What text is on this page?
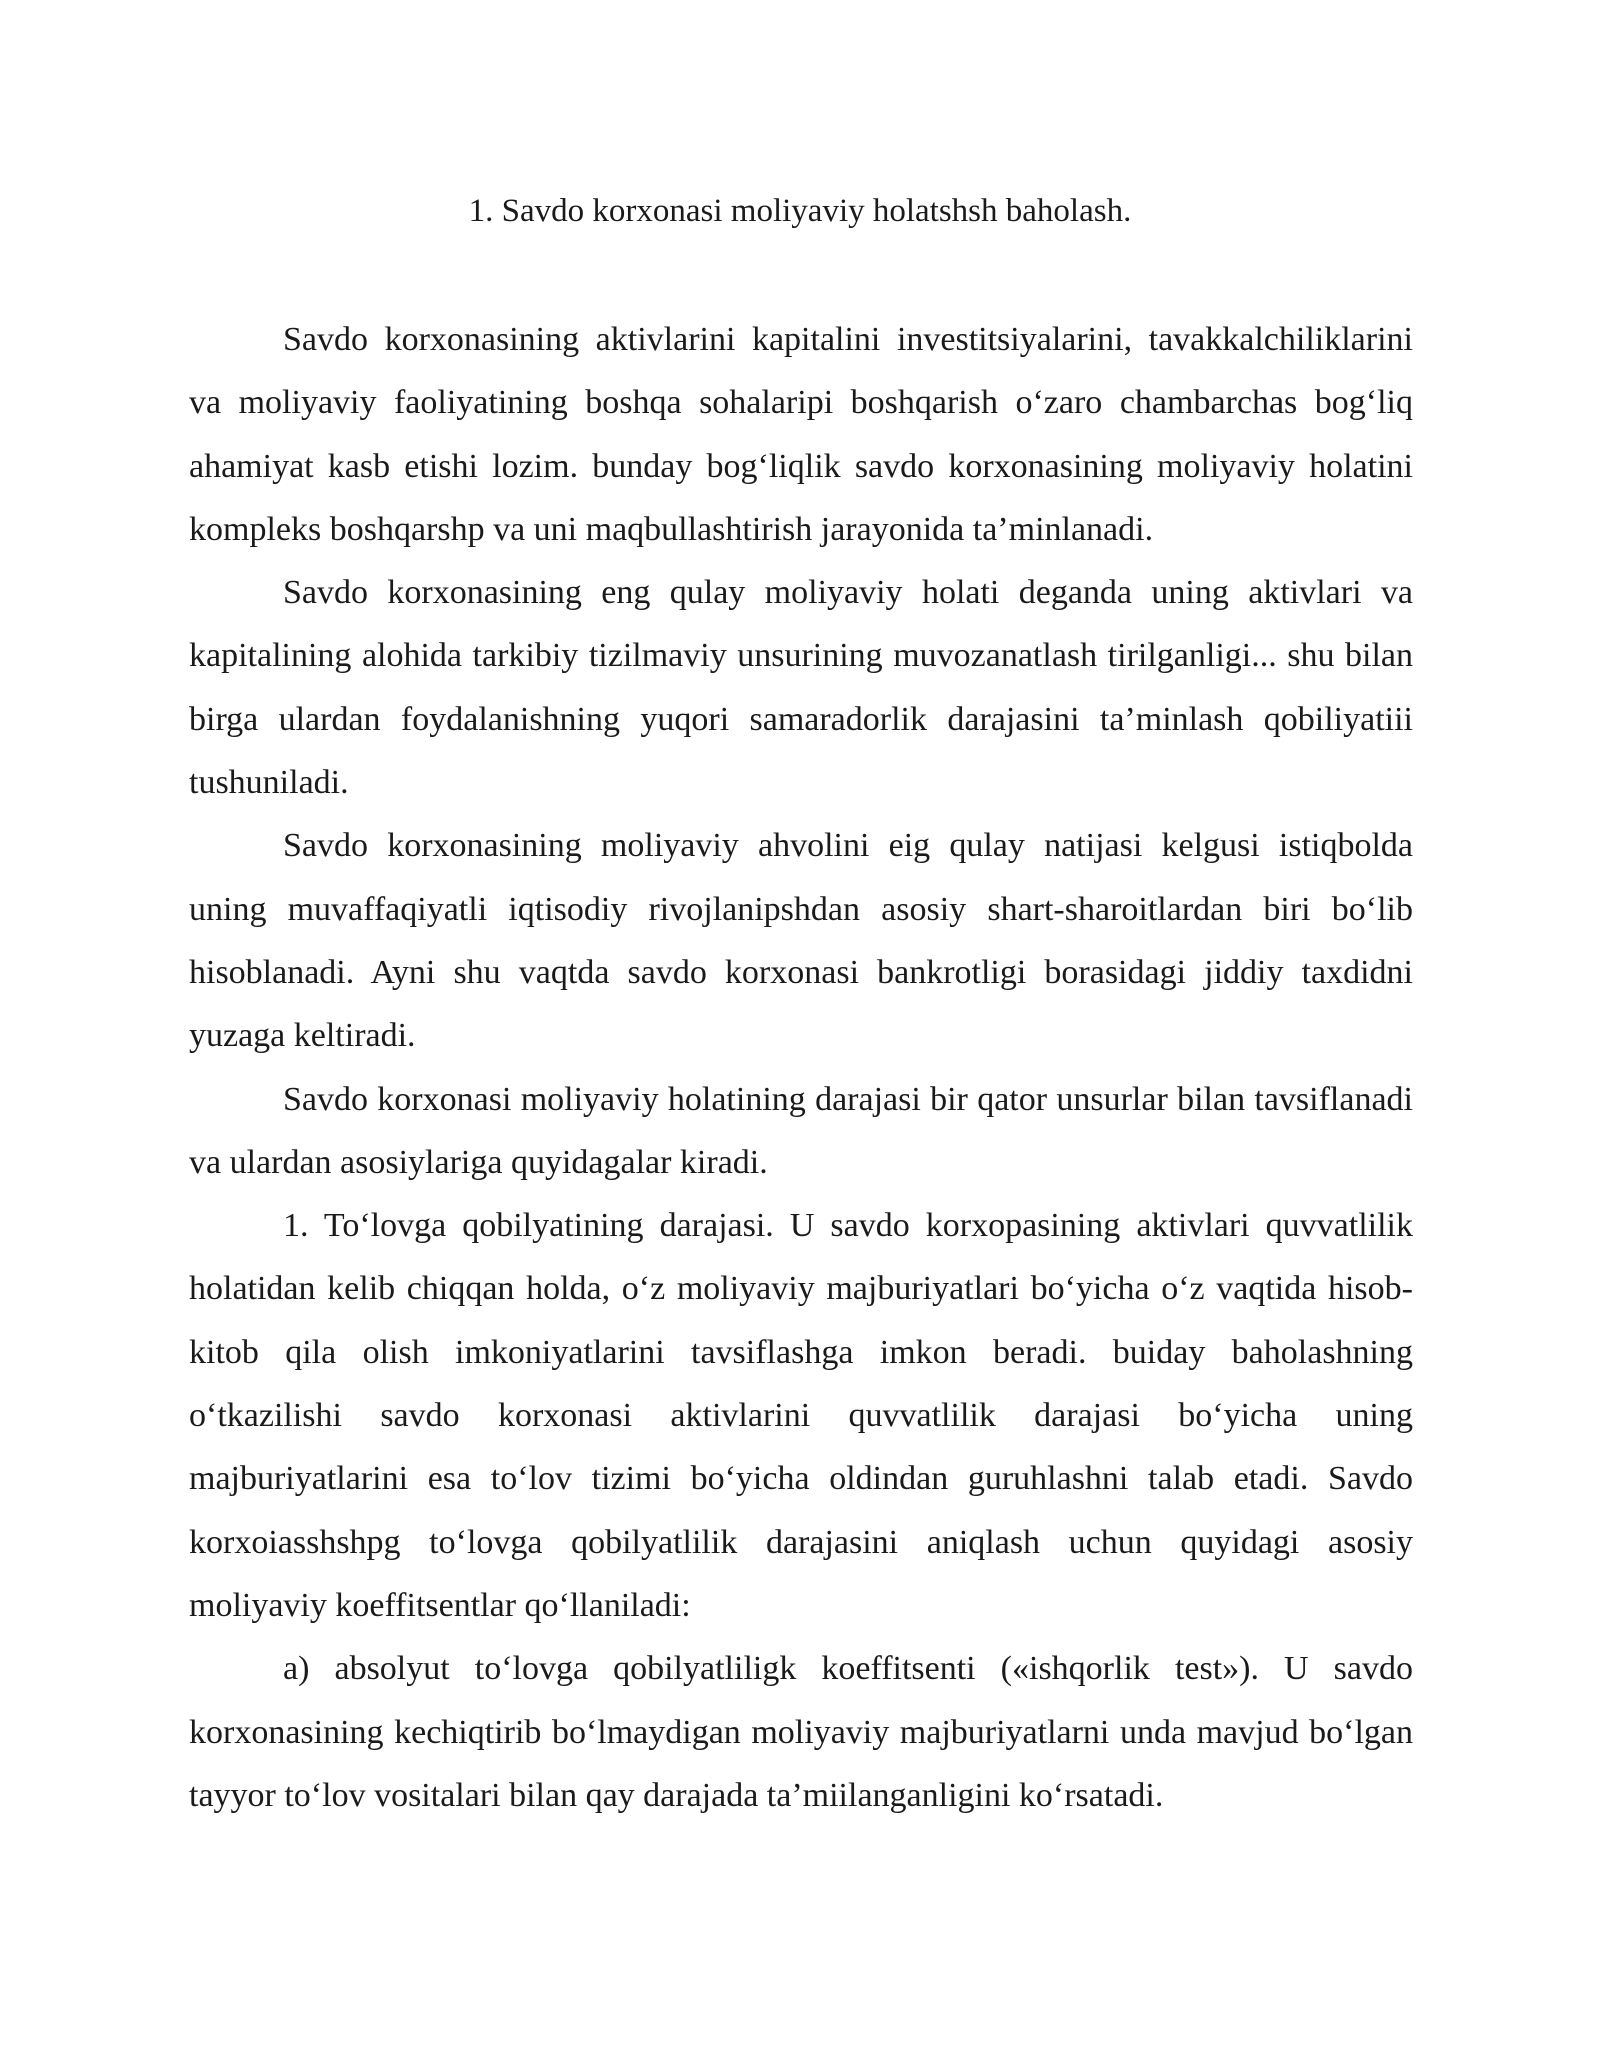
1. Savdo korxonasi moliyaviy holatshsh baholash.

Savdo korxonasining aktivlarini kapitalini investitsiyalarini, tavakkalchiliklarini va moliyaviy faoliyatining boshqa sohalaripi boshqarish o‘zaro chambarchas bog‘liq ahamiyat kasb etishi lozim. bunday bog‘liqlik savdo korxonasining moliyaviy holatini kompleks boshqarshp va uni maqbullashtirish jarayonida ta’minlanadi.

Savdo korxonasining eng qulay moliyaviy holati deganda uning aktivlari va kapitalining alohida tarkibiy tizilmaviy unsurining muvozanatlash tirilganligi... shu bilan birga ulardan foydalanishning yuqori samaradorlik darajasini ta’minlash qobiliyatiii tushuniladi.

Savdo korxonasining moliyaviy ahvolini eig qulay natijasi kelgusi istiqbolda uning muvaffaqiyatli iqtisodiy rivojlanipshdan asosiy shart-sharoitlardan biri bo‘lib hisoblanadi. Ayni shu vaqtda savdo korxonasi bankrotligi borasidagi jiddiy taxdidni yuzaga keltiradi.

Savdo korxonasi moliyaviy holatining darajasi bir qator unsurlar bilan tavsiflanadi va ulardan asosiylariga quyidagalar kiradi.

1. To‘lovga qobilyatining darajasi. U savdo korxopasining aktivlari quvvatlilik holatidan kelib chiqqan holda, o‘z moliyaviy majburiyatlari bo‘yicha o‘z vaqtida hisob-kitob qila olish imkoniyatlarini tavsiflashga imkon beradi. buiday baholashning o‘tkazilishi savdo korxonasi aktivlarini quvvatlilik darajasi bo‘yicha uning majburiyatlarini esa to‘lov tizimi bo‘yicha oldindan guruhlashni talab etadi. Savdo korxoiasshshpg to‘lovga qobilyatlilik darajasini aniqlash uchun quyidagi asosiy moliyaviy koeffitsentlar qo‘llaniladi:

a) absolyut to‘lovga qobilyatliligk koeffitsenti («ishqorlik test»). U savdo korxonasining kechiqtirib bo‘lmaydigan moliyaviy majburiyatlarni unda mavjud bo‘lgan tayyor to‘lov vositalari bilan qay darajada ta’miilanganligini ko‘rsatadi.
